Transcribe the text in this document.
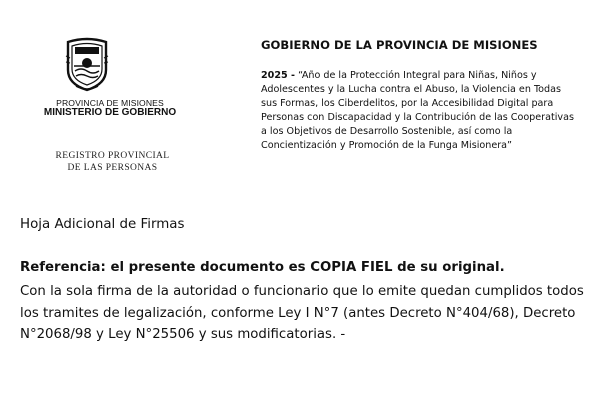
PROVINCIA DE MISIONES
MINISTERIO DE GOBIERNO
REGISTRO PROVINCIAL
DE LAS PERSONAS
GOBIERNO DE LA PROVINCIA DE MISIONES
2025 - “Año de la Protección Integral para Niñas, Niños y Adolescentes y la Lucha contra el Abuso, la Violencia en Todas sus Formas, los Ciberdelitos, por la Accesibilidad Digital para Personas con Discapacidad y la Contribución de las Cooperativas a los Objetivos de Desarrollo Sostenible, así como la Concientización y Promoción de la Funga Misionera”
Hoja Adicional de Firmas
Referencia: el presente documento es COPIA FIEL de su original.
Con la sola firma de la autoridad o funcionario que lo emite quedan cumplidos todos los tramites de legalización, conforme Ley I N°7 (antes Decreto N°404/68), Decreto N°2068/98 y Ley N°25506 y sus modificatorias. -
